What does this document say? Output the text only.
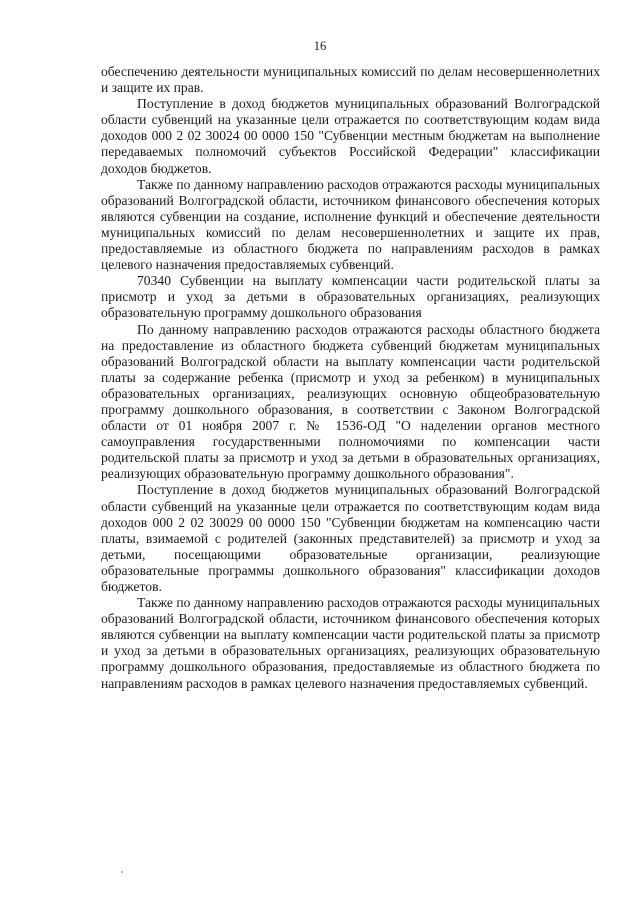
16

обеспечению деятельности муниципальных комиссий по делам несовершеннолетних и защите их прав.

Поступление в доход бюджетов муниципальных образований Волгоградской области субвенций на указанные цели отражается по соответствующим кодам вида доходов 000 2 02 30024 00 0000 150 "Субвенции местным бюджетам на выполнение передаваемых полномочий субъектов Российской Федерации" классификации доходов бюджетов.

Также по данному направлению расходов отражаются расходы муниципальных образований Волгоградской области, источником финансового обеспечения которых являются субвенции на создание, исполнение функций и обеспечение деятельности муниципальных комиссий по делам несовершеннолетних и защите их прав, предоставляемые из областного бюджета по направлениям расходов в рамках целевого назначения предоставляемых субвенций.

70340 Субвенции на выплату компенсации части родительской платы за присмотр и уход за детьми в образовательных организациях, реализующих образовательную программу дошкольного образования

По данному направлению расходов отражаются расходы областного бюджета на предоставление из областного бюджета субвенций бюджетам муниципальных образований Волгоградской области на выплату компенсации части родительской платы за содержание ребенка (присмотр и уход за ребенком) в муниципальных образовательных организациях, реализующих основную общеобразовательную программу дошкольного образования, в соответствии с Законом Волгоградской области от 01 ноября 2007 г. № 1536-ОД "О наделении органов местного самоуправления государственными полномочиями по компенсации части родительской платы за присмотр и уход за детьми в образовательных организациях, реализующих образовательную программу дошкольного образования".

Поступление в доход бюджетов муниципальных образований Волгоградской области субвенций на указанные цели отражается по соответствующим кодам вида доходов 000 2 02 30029 00 0000 150 "Субвенции бюджетам на компенсацию части платы, взимаемой с родителей (законных представителей) за присмотр и уход за детьми, посещающими образовательные организации, реализующие образовательные программы дошкольного образования" классификации доходов бюджетов.

Также по данному направлению расходов отражаются расходы муниципальных образований Волгоградской области, источником финансового обеспечения которых являются субвенции на выплату компенсации части родительской платы за присмотр и уход за детьми в образовательных организациях, реализующих образовательную программу дошкольного образования, предоставляемые из областного бюджета по направлениям расходов в рамках целевого назначения предоставляемых субвенций.
